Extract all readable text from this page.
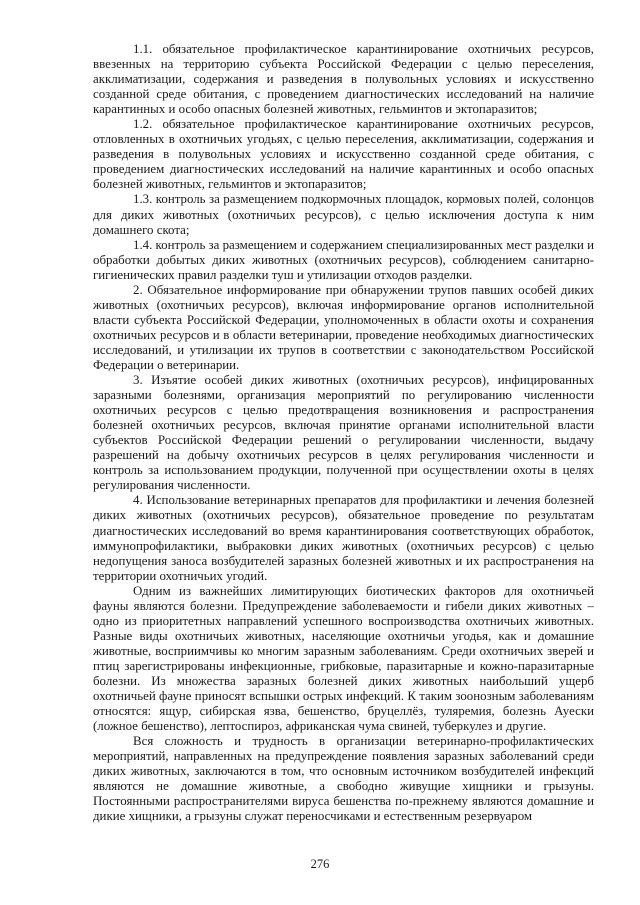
1.1. обязательное профилактическое карантинирование охотничьих ресурсов, ввезенных на территорию субъекта Российской Федерации с целью переселения, акклиматизации, содержания и разведения в полувольных условиях и искусственно созданной среде обитания, с проведением диагностических исследований на наличие карантинных и особо опасных болезней животных, гельминтов и эктопаразитов;

1.2. обязательное профилактическое карантинирование охотничьих ресурсов, отловленных в охотничьих угодьях, с целью переселения, акклиматизации, содержания и разведения в полувольных условиях и искусственно созданной среде обитания, с проведением диагностических исследований на наличие карантинных и особо опасных болезней животных, гельминтов и эктопаразитов;

1.3. контроль за размещением подкормочных площадок, кормовых полей, солонцов для диких животных (охотничьих ресурсов), с целью исключения доступа к ним домашнего скота;

1.4. контроль за размещением и содержанием специализированных мест разделки и обработки добытых диких животных (охотничьих ресурсов), соблюдением санитарно-гигиенических правил разделки туш и утилизации отходов разделки.

2. Обязательное информирование при обнаружении трупов павших особей диких животных (охотничьих ресурсов), включая информирование органов исполнительной власти субъекта Российской Федерации, уполномоченных в области охоты и сохранения охотничьих ресурсов и в области ветеринарии, проведение необходимых диагностических исследований, и утилизации их трупов в соответствии с законодательством Российской Федерации о ветеринарии.

3. Изъятие особей диких животных (охотничьих ресурсов), инфицированных заразными болезнями, организация мероприятий по регулированию численности охотничьих ресурсов с целью предотвращения возникновения и распространения болезней охотничьих ресурсов, включая принятие органами исполнительной власти субъектов Российской Федерации решений о регулировании численности, выдачу разрешений на добычу охотничьих ресурсов в целях регулирования численности и контроль за использованием продукции, полученной при осуществлении охоты в целях регулирования численности.

4. Использование ветеринарных препаратов для профилактики и лечения болезней диких животных (охотничьих ресурсов), обязательное проведение по результатам диагностических исследований во время карантинирования соответствующих обработок, иммунопрофилактики, выбраковки диких животных (охотничьих ресурсов) с целью недопущения заноса возбудителей заразных болезней животных и их распространения на территории охотничьих угодий.

Одним из важнейших лимитирующих биотических факторов для охотничьей фауны являются болезни. Предупреждение заболеваемости и гибели диких животных – одно из приоритетных направлений успешного воспроизводства охотничьих животных. Разные виды охотничьих животных, населяющие охотничьи угодья, как и домашние животные, восприимчивы ко многим заразным заболеваниям. Среди охотничьих зверей и птиц зарегистрированы инфекционные, грибковые, паразитарные и кожно-паразитарные болезни. Из множества заразных болезней диких животных наибольший ущерб охотничьей фауне приносят вспышки острых инфекций. К таким зоонозным заболеваниям относятся: ящур, сибирская язва, бешенство, бруцеллёз, туляремия, болезнь Ауески (ложное бешенство), лептоспироз, африканская чума свиней, туберкулез и другие.

Вся сложность и трудность в организации ветеринарно-профилактических мероприятий, направленных на предупреждение появления заразных заболеваний среди диких животных, заключаются в том, что основным источником возбудителей инфекций являются не домашние животные, а свободно живущие хищники и грызуны. Постоянными распространителями вируса бешенства по-прежнему являются домашние и дикие хищники, а грызуны служат переносчиками и естественным резервуаром

276
